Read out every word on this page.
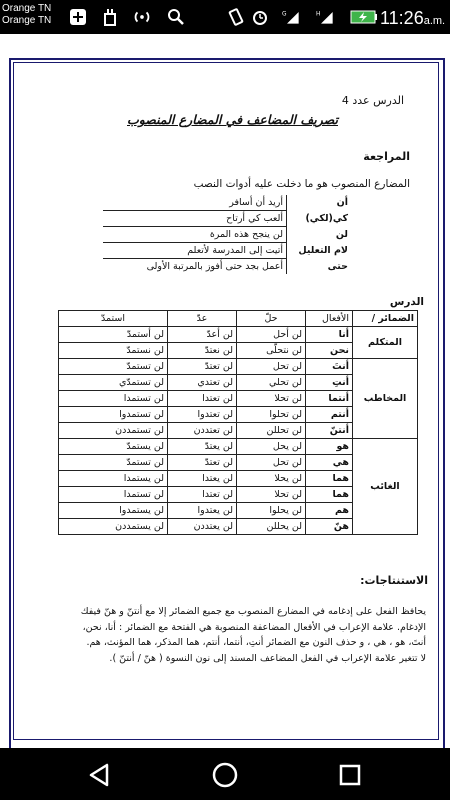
Orange TN
Orange TN
G	H	11:26a.m.
الدرس عدد 4
تصريف المضاعف في المضارع المنصوب
المراجعة
المضارع المنصوب هو ما دخلت عليه أدوات النصب
أن	أريد أن أسافر
كي(لكي)	ألعب كي أرتاح
لن	لن ينجح هذه المرة
لام التعليل	أتيت إلى المدرسة لأتعلم
حتى	أعمل بجد حتى أفوز بالمرتبة الأولى
الدرس
الضمائر /	الأفعال	حلّ	عدّ	استمدّ
المتكلم	أنا	لن أحل	لن أعدّ	لن أستمدّ
	نحن	لن نتحلّى	لن نعتدّ	لن نستمدّ
المخاطب	أنتَ	لن تحل	لن تعتدّ	لن تستمدّ
	أنتِ	لن تحلي	لن تعتدي	لن تستمدّي
	أنتما	لن تحلا	لن تعتدا	لن تستمدا
	أنتم	لن تحلوا	لن تعتدوا	لن تستمدوا
	أنتنّ	لن تحللن	لن تعتددن	لن تستمددن
الغائب	هو	لن يحل	لن يعتدّ	لن يستمدّ
	هي	لن تحل	لن تعتدّ	لن تستمدّ
	هما	لن يحلا	لن يعتدا	لن يستمدا
	هما	لن تحلا	لن تعتدا	لن تستمدا
	هم	لن يحلوا	لن يعتدوا	لن يستمدوا
	هنّ	لن يحللن	لن يعتددن	لن يستمددن
الاستنتاجات:
يحافظ الفعل على إدغامه في المضارع المنصوب مع جميع الضمائر إلا مع أنتنّ و هنّ فيفك
الإدغام. علامة الإعراب في الأفعال المضاعفة المنصوبة هي الفتحة مع الضمائر : أنا، نحن،
أنتَ، هو ، هي ، و حذف النون مع الضمائر أنتِ، أنتما، أنتم، هما المذكر، هما المؤنث، هم.
لا تتغير علامة الإعراب في الفعل المضاعف المسند إلى نون النسوة ( هنّ / أنتنّ ).
